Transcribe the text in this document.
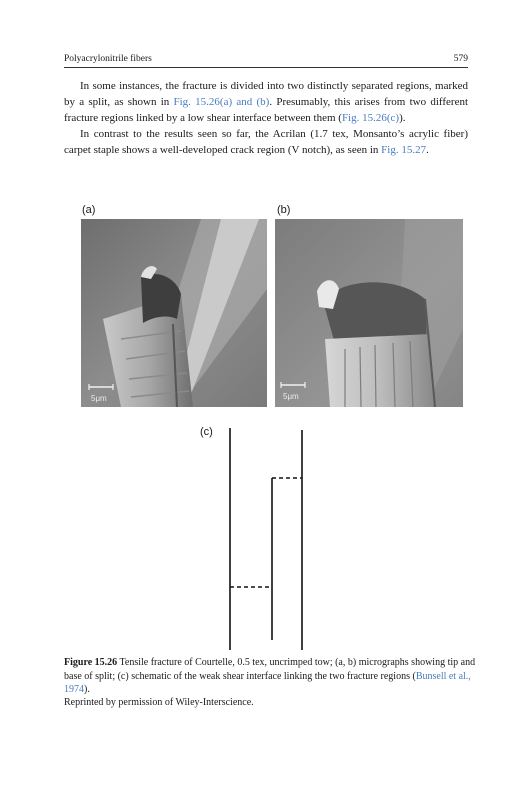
Polyacrylonitrile fibers	579

In some instances, the fracture is divided into two distinctly separated regions, marked by a split, as shown in Fig. 15.26(a) and (b). Presumably, this arises from two different fracture regions linked by a low shear interface between them (Fig. 15.26(c)).

In contrast to the results seen so far, the Acrilan (1.7 tex, Monsanto’s acrylic fiber) carpet staple shows a well-developed crack region (V notch), as seen in Fig. 15.27.

(a)
5μm
(b)
5μm
(c)
Figure 15.26 Tensile fracture of Courtelle, 0.5 tex, uncrimped tow; (a, b) micrographs showing tip and base of split; (c) schematic of the weak shear interface linking the two fracture regions (Bunsell et al., 1974).
Reprinted by permission of Wiley-Interscience.
